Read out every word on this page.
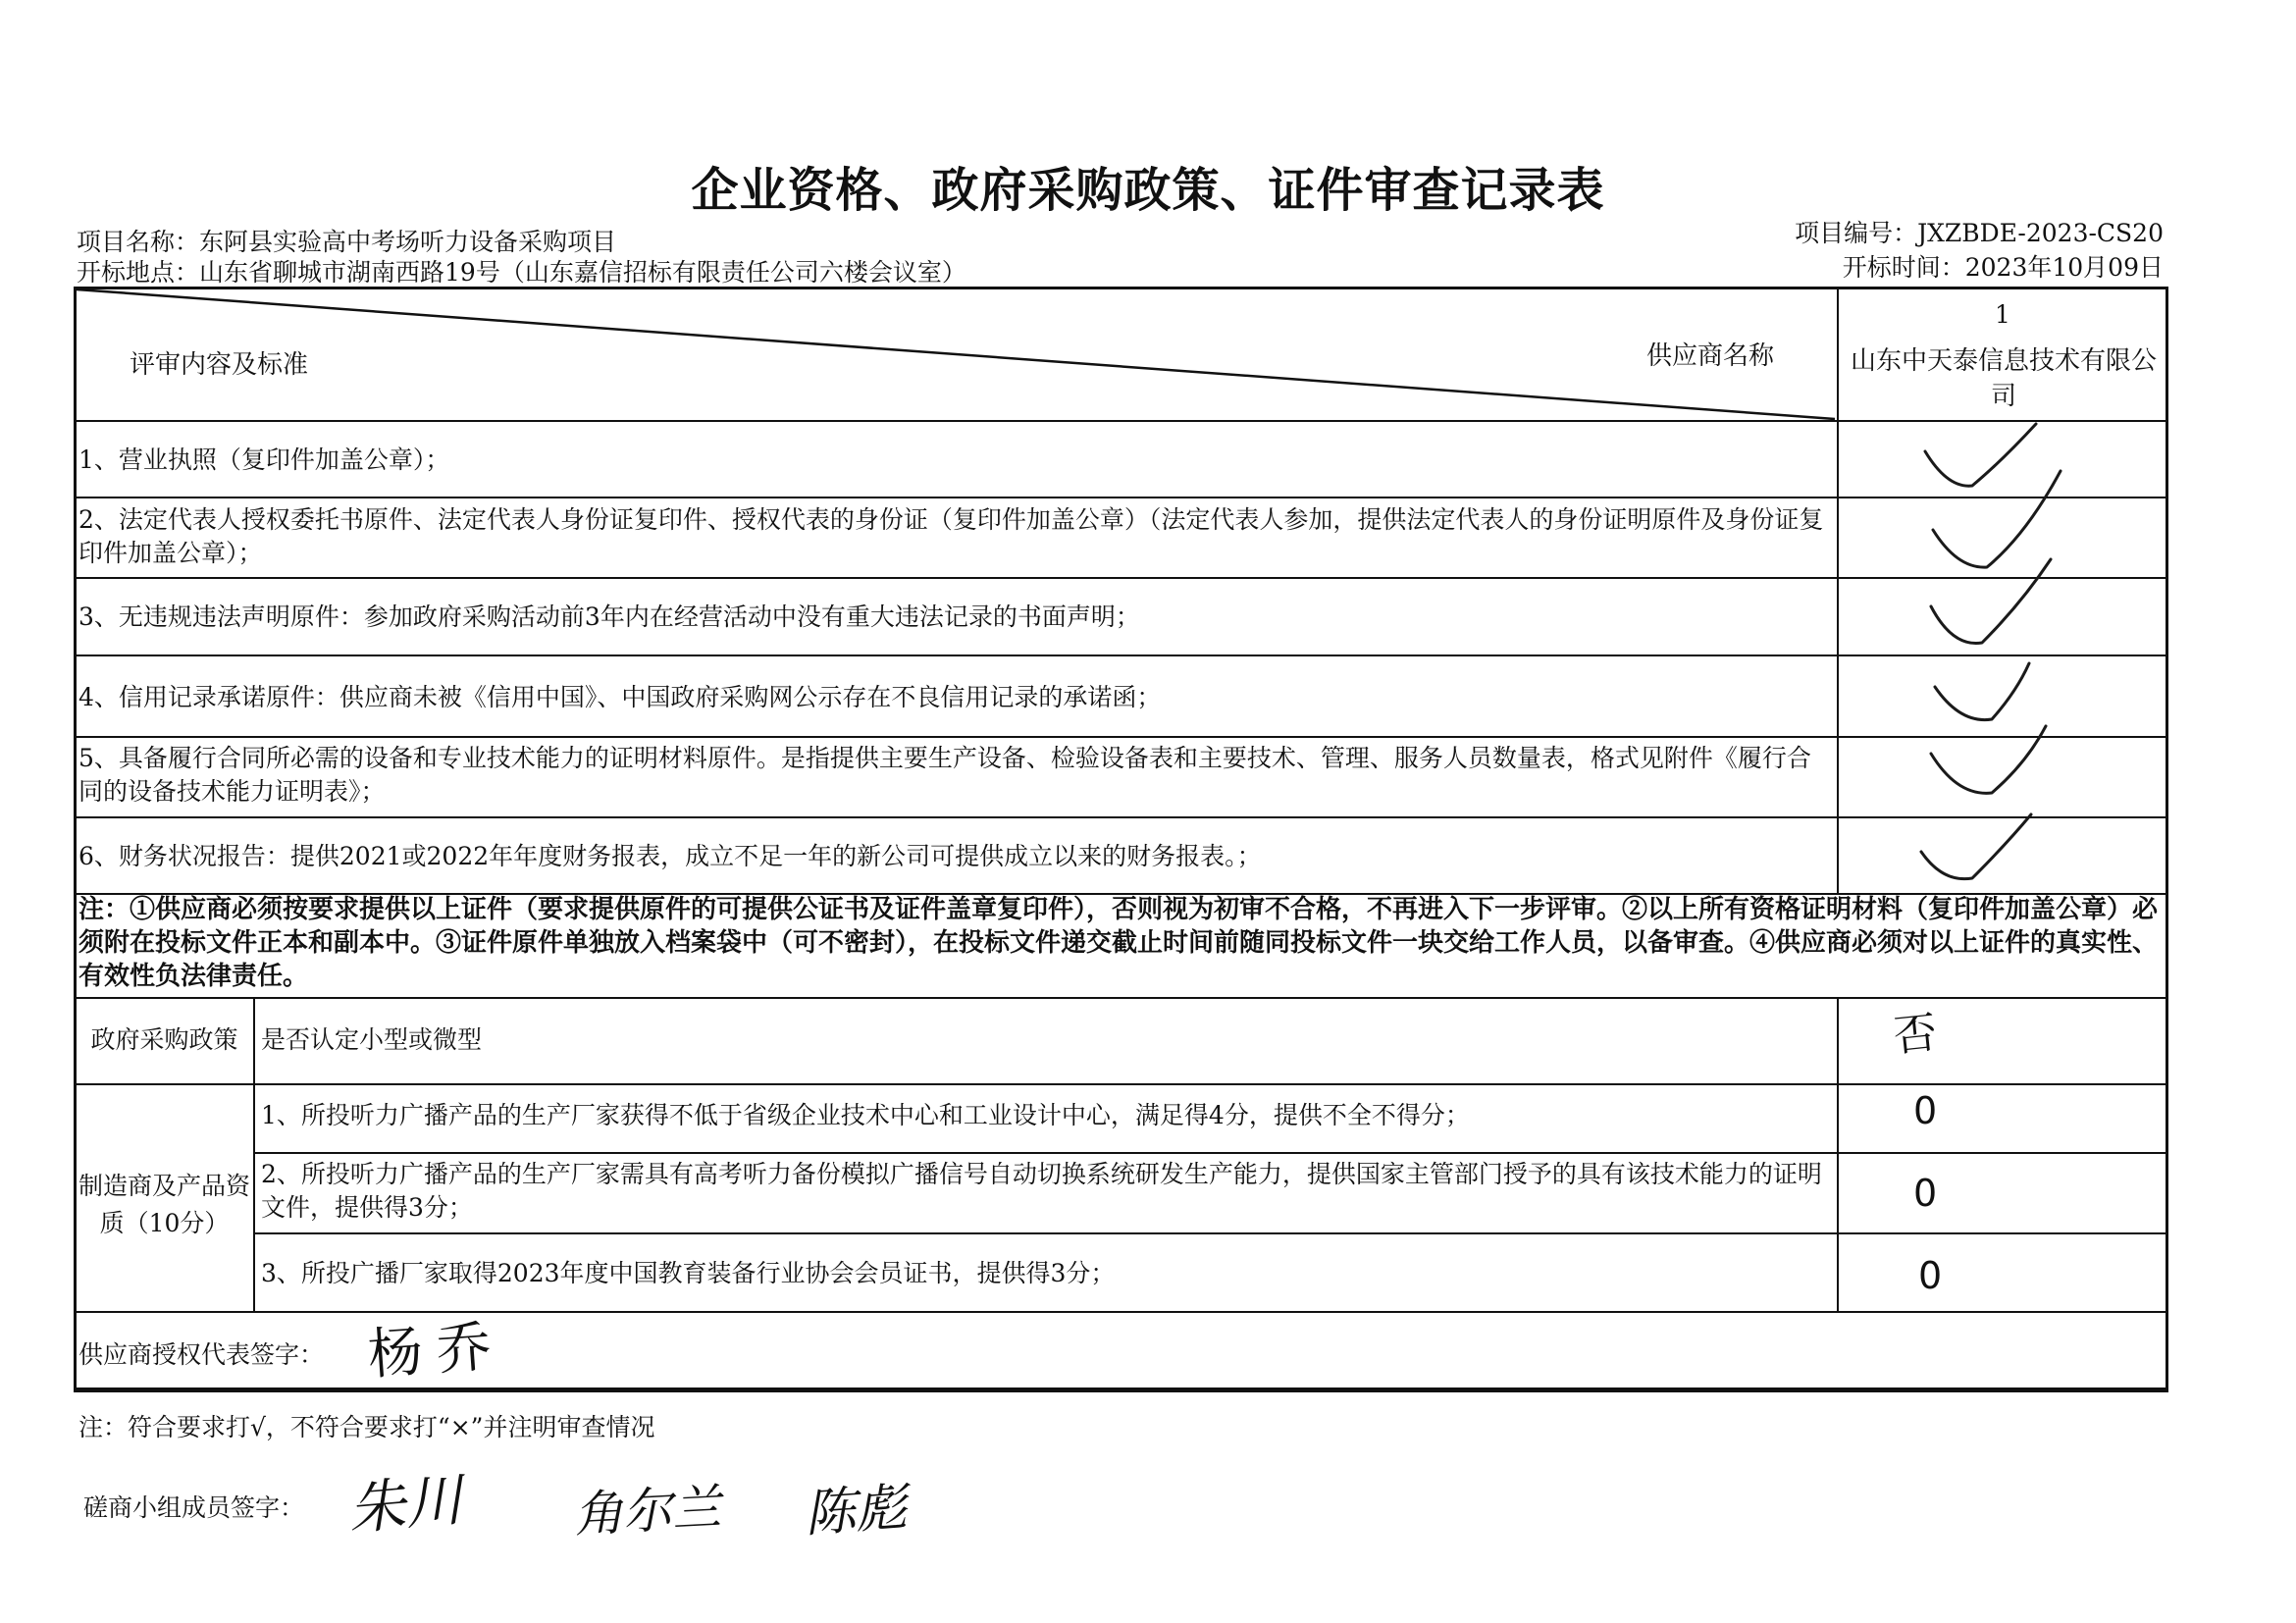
企业资格、政府采购政策、证件审查记录表
项目名称：东阿县实验高中考场听力设备采购项目
开标地点：山东省聊城市湖南西路19号（山东嘉信招标有限责任公司六楼会议室）
项目编号：JXZBDE-2023-CS20
开标时间：2023年10月09日
评审内容及标准	供应商名称
1
山东中天泰信息技术有限公司
1、营业执照（复印件加盖公章）；
2、法定代表人授权委托书原件、法定代表人身份证复印件、授权代表的身份证（复印件加盖公章）（法定代表人参加，提供法定代表人的身份证明原件及身份证复印件加盖公章）；
3、无违规违法声明原件：参加政府采购活动前3年内在经营活动中没有重大违法记录的书面声明；
4、信用记录承诺原件：供应商未被《信用中国》、中国政府采购网公示存在不良信用记录的承诺函；
5、具备履行合同所必需的设备和专业技术能力的证明材料原件。是指提供主要生产设备、检验设备表和主要技术、管理、服务人员数量表，格式见附件《履行合同的设备技术能力证明表》；
6、财务状况报告：提供2021或2022年年度财务报表，成立不足一年的新公司可提供成立以来的财务报表。；
注：①供应商必须按要求提供以上证件（要求提供原件的可提供公证书及证件盖章复印件），否则视为初审不合格，不再进入下一步评审。②以上所有资格证明材料（复印件加盖公章）必须附在投标文件正本和副本中。③证件原件单独放入档案袋中（可不密封），在投标文件递交截止时间前随同投标文件一块交给工作人员，以备审查。④供应商必须对以上证件的真实性、有效性负法律责任。
政府采购政策 是否认定小型或微型	否
制造商及产品资质（10分）
1、所投听力广播产品的生产厂家获得不低于省级企业技术中心和工业设计中心，满足得4分，提供不全不得分；
2、所投听力广播产品的生产厂家需具有高考听力备份模拟广播信号自动切换系统研发生产能力，提供国家主管部门授予的具有该技术能力的证明文件，提供得3分；
3、所投广播厂家取得2023年度中国教育装备行业协会会员证书，提供得3分；
0
0
0
供应商授权代表签字： 杨乔
注：符合要求打√，不符合要求打“×”并注明审查情况
磋商小组成员签字： 朱川 角尔兰 陈彪
